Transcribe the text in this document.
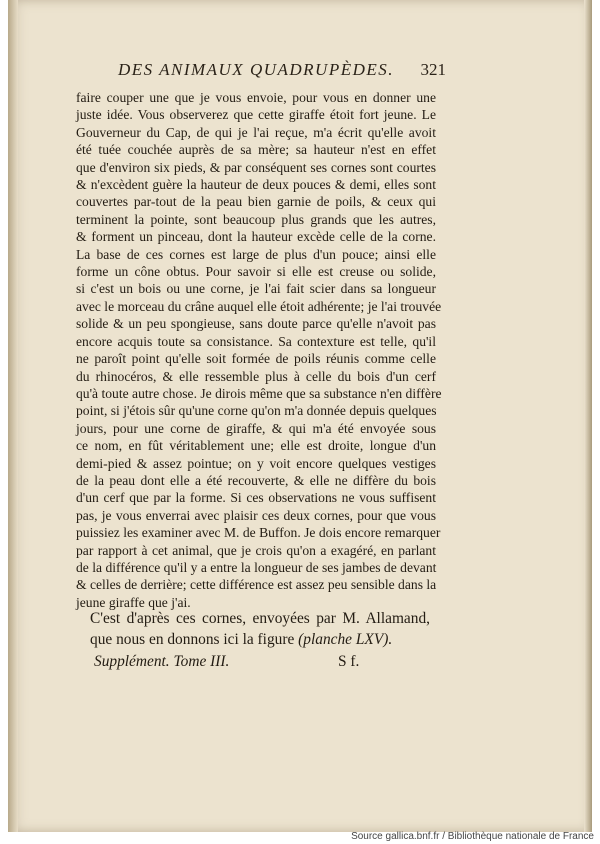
DES ANIMAUX QUADRUPÈDES. 321
faire couper une que je vous envoie, pour vous en donner une
juste idée. Vous observerez que cette giraffe étoit fort jeune. Le
Gouverneur du Cap, de qui je l'ai reçue, m'a écrit qu'elle avoit
été tuée couchée auprès de sa mère; sa hauteur n'est en effet
que d'environ six pieds, & par conséquent ses cornes sont courtes
& n'excèdent guère la hauteur de deux pouces & demi, elles sont
couvertes par-tout de la peau bien garnie de poils, & ceux qui
terminent la pointe, sont beaucoup plus grands que les autres,
& forment un pinceau, dont la hauteur excède celle de la corne.
La base de ces cornes est large de plus d'un pouce; ainsi elle
forme un cône obtus. Pour savoir si elle est creuse ou solide,
si c'est un bois ou une corne, je l'ai fait scier dans sa longueur
avec le morceau du crâne auquel elle étoit adhérente; je l'ai trouvée
solide & un peu spongieuse, sans doute parce qu'elle n'avoit pas
encore acquis toute sa consistance. Sa contexture est telle, qu'il
ne paroît point qu'elle soit formée de poils réunis comme celle
du rhinocéros, & elle ressemble plus à celle du bois d'un cerf
qu'à toute autre chose. Je dirois même que sa substance n'en diffère
point, si j'étois sûr qu'une corne qu'on m'a donnée depuis quelques
jours, pour une corne de giraffe, & qui m'a été envoyée sous
ce nom, en fût véritablement une; elle est droite, longue d'un
demi-pied & assez pointue; on y voit encore quelques vestiges
de la peau dont elle a été recouverte, & elle ne diffère du bois
d'un cerf que par la forme. Si ces observations ne vous suffisent
pas, je vous enverrai avec plaisir ces deux cornes, pour que vous
puissiez les examiner avec M. de Buffon. Je dois encore remarquer
par rapport à cet animal, que je crois qu'on a exagéré, en parlant
de la différence qu'il y a entre la longueur de ses jambes de devant
& celles de derrière; cette différence est assez peu sensible dans la
jeune giraffe que j'ai.
C'est d'après ces cornes, envoyées par M. Allamand,
que nous en donnons ici la figure (planche LXV).
Supplément. Tome III.	S f.
Source gallica.bnf.fr / Bibliothèque nationale de France
